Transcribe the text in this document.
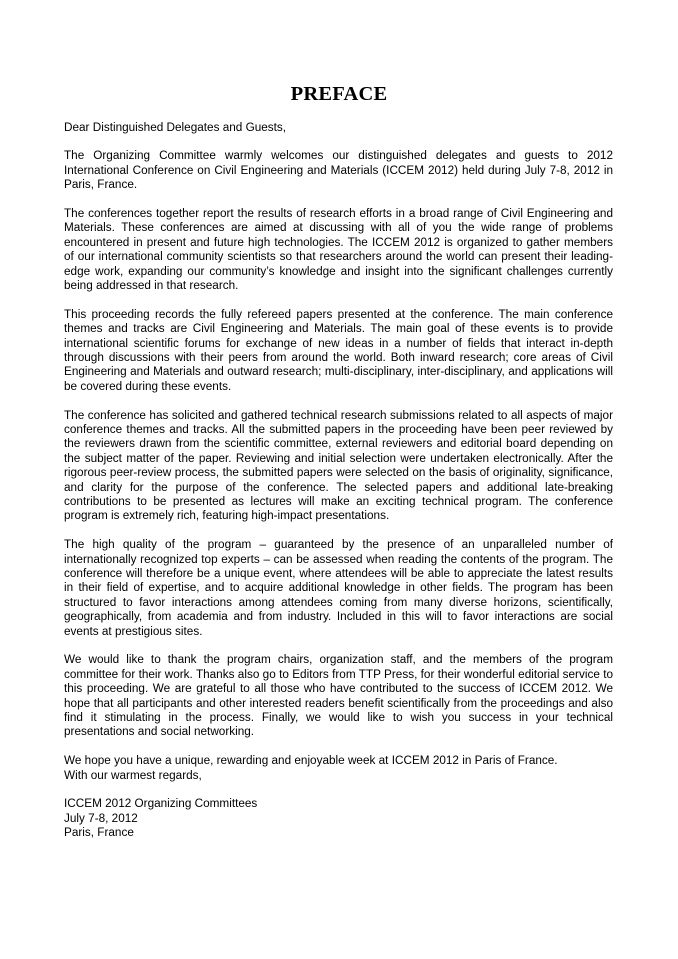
PREFACE

Dear Distinguished Delegates and Guests,

The Organizing Committee warmly welcomes our distinguished delegates and guests to 2012 International Conference on Civil Engineering and Materials (ICCEM 2012) held during July 7-8, 2012 in Paris, France.

The conferences together report the results of research efforts in a broad range of Civil Engineering and Materials. These conferences are aimed at discussing with all of you the wide range of problems encountered in present and future high technologies. The ICCEM 2012 is organized to gather members of our international community scientists so that researchers around the world can present their leading-edge work, expanding our community’s knowledge and insight into the significant challenges currently being addressed in that research.

This proceeding records the fully refereed papers presented at the conference. The main conference themes and tracks are Civil Engineering and Materials. The main goal of these events is to provide international scientific forums for exchange of new ideas in a number of fields that interact in-depth through discussions with their peers from around the world. Both inward research; core areas of Civil Engineering and Materials and outward research; multi-disciplinary, inter-disciplinary, and applications will be covered during these events.

The conference has solicited and gathered technical research submissions related to all aspects of major conference themes and tracks. All the submitted papers in the proceeding have been peer reviewed by the reviewers drawn from the scientific committee, external reviewers and editorial board depending on the subject matter of the paper. Reviewing and initial selection were undertaken electronically. After the rigorous peer-review process, the submitted papers were selected on the basis of originality, significance, and clarity for the purpose of the conference. The selected papers and additional late-breaking contributions to be presented as lectures will make an exciting technical program. The conference program is extremely rich, featuring high-impact presentations.

The high quality of the program – guaranteed by the presence of an unparalleled number of internationally recognized top experts – can be assessed when reading the contents of the program. The conference will therefore be a unique event, where attendees will be able to appreciate the latest results in their field of expertise, and to acquire additional knowledge in other fields. The program has been structured to favor interactions among attendees coming from many diverse horizons, scientifically, geographically, from academia and from industry. Included in this will to favor interactions are social events at prestigious sites.

We would like to thank the program chairs, organization staff, and the members of the program committee for their work. Thanks also go to Editors from TTP Press, for their wonderful editorial service to this proceeding. We are grateful to all those who have contributed to the success of ICCEM 2012. We hope that all participants and other interested readers benefit scientifically from the proceedings and also find it stimulating in the process. Finally, we would like to wish you success in your technical presentations and social networking.

We hope you have a unique, rewarding and enjoyable week at ICCEM 2012 in Paris of France.
With our warmest regards,
ICCEM 2012 Organizing Committees
July 7-8, 2012
Paris, France
